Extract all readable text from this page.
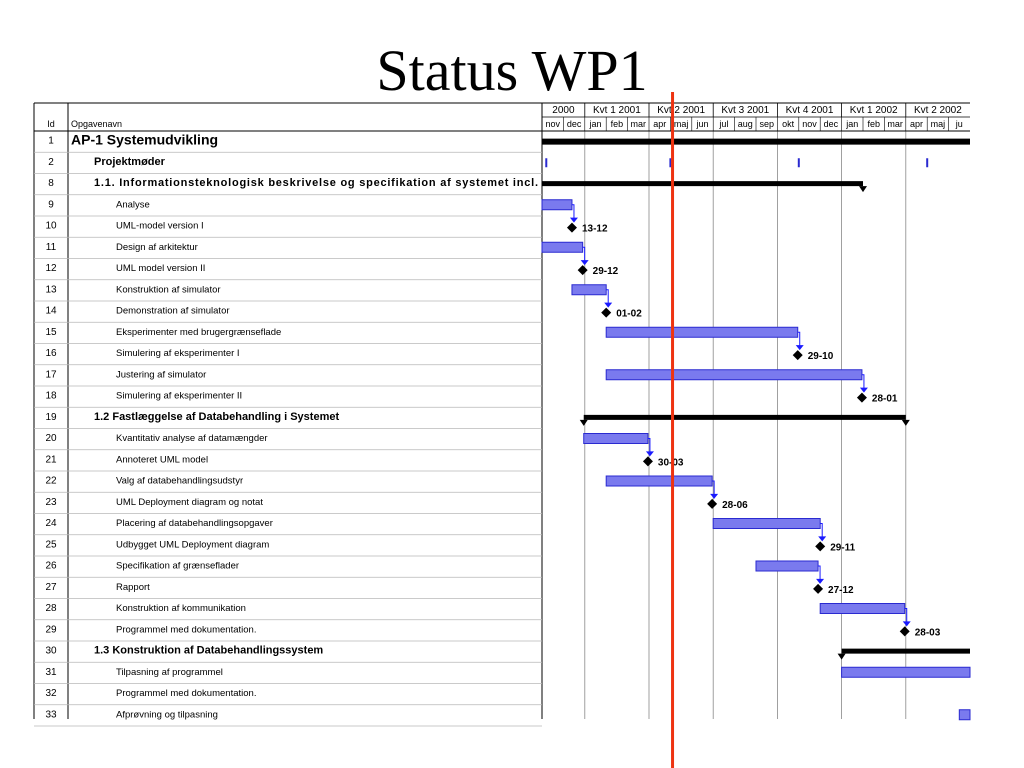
Status WP1
Id Opgavenavn
1 AP-1 Systemudvikling
2	Projektmøder
8	1.1. Informationsteknologisk beskrivelse og specifikation af systemet incl.
9	Analyse
10	UML-model version I
11	Design af arkitektur
12	UML model version II
13	Konstruktion af simulator
14	Demonstration af simulator
15	Eksperimenter med brugergrænseflade
16	Simulering af eksperimenter I
17	Justering af simulator
18	Simulering af eksperimenter II
19	1.2 Fastlæggelse af Databehandling i Systemet
20	Kvantitativ analyse af datamængder
21	Annoteret UML model
22	Valg af databehandlingsudstyr
23	UML Deployment diagram og notat
24	Placering af databehandlingsopgaver
25	Udbygget UML Deployment diagram
26	Specifikation af grænseflader
27	Rapport
28	Konstruktion af kommunikation
29	Programmel med dokumentation.
30	1.3 Konstruktion af Databehandlingssystem
31	Tilpasning af programmel
32	Programmel med dokumentation.
33	Afprøvning og tilpasning
2000 Kvt 1 2001 Kvt 2 2001 Kvt 3 2001 Kvt 4 2001 Kvt 1 2002 Kvt 2 2002
nov dec jan feb mar apr maj jun jul aug sep okt nov dec jan feb mar apr maj ju
13-12
29-12
01-02
29-10
28-01
30-03
28-06
29-11
27-12
28-03
